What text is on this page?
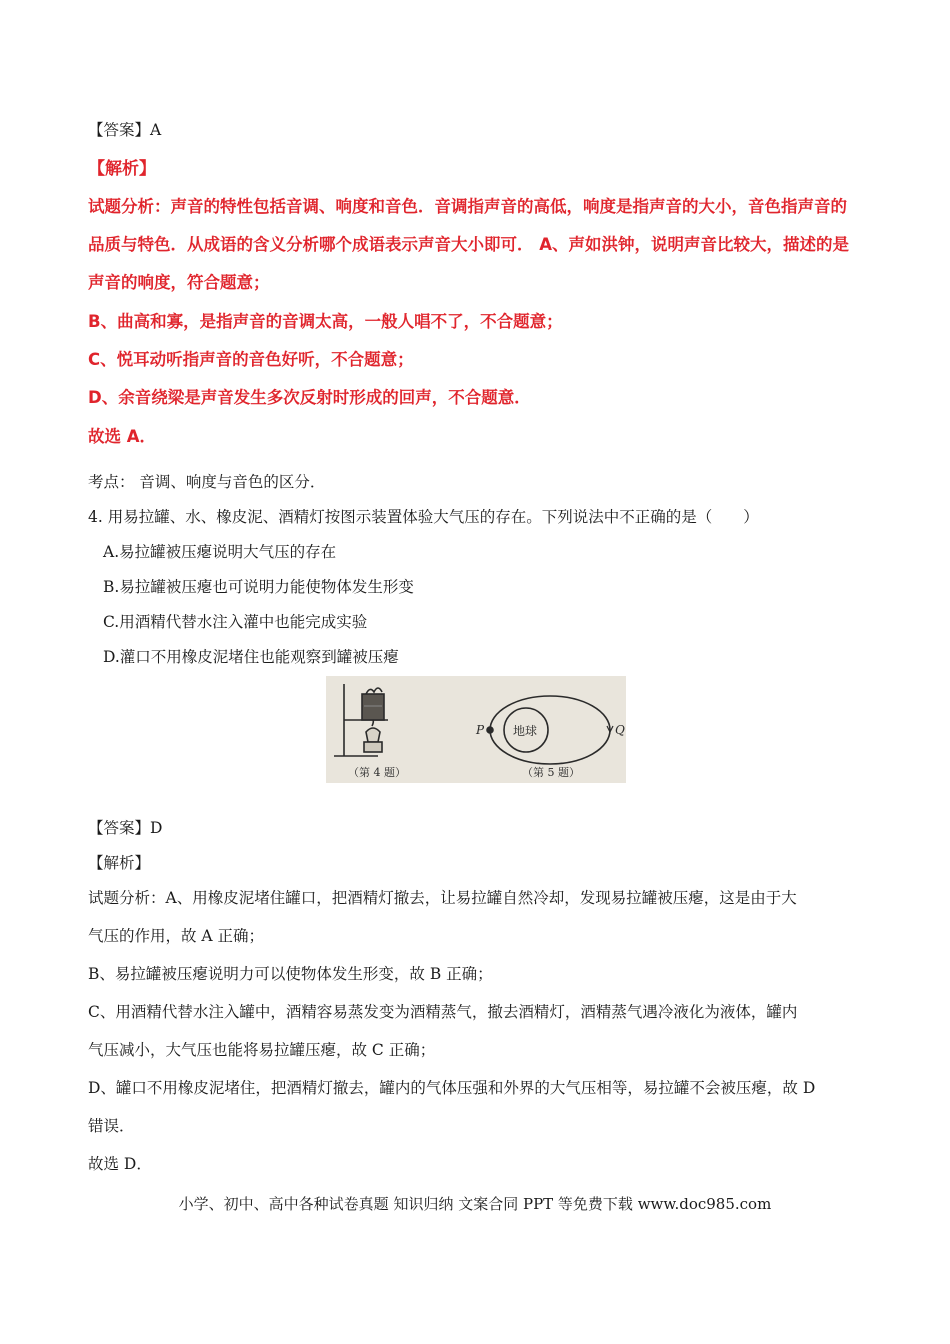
【答案】A
【解析】
试题分析：声音的特性包括音调、响度和音色．音调指声音的高低，响度是指声音的大小，音色指声音的
品质与特色．从成语的含义分析哪个成语表示声音大小即可． A、声如洪钟，说明声音比较大，描述的是
声音的响度，符合题意；
B、曲高和寡，是指声音的音调太高，一般人唱不了，不合题意；
C、悦耳动听指声音的音色好听，不合题意；
D、余音绕梁是声音发生多次反射时形成的回声，不合题意．
故选 A．
考点： 音调、响度与音色的区分．
4. 用易拉罐、水、橡皮泥、酒精灯按图示装置体验大气压的存在。下列说法中不正确的是（　　）
A.易拉罐被压瘪说明大气压的存在
B.易拉罐被压瘪也可说明力能使物体发生形变
C.用酒精代替水注入灌中也能完成实验
D.灌口不用橡皮泥堵住也能观察到罐被压瘪
（第 4 题）
地球
P	Q
（第 5 题）
【答案】D
【解析】
试题分析：A、用橡皮泥堵住罐口，把酒精灯撤去，让易拉罐自然冷却，发现易拉罐被压瘪，这是由于大
气压的作用，故 A 正确；
B、易拉罐被压瘪说明力可以使物体发生形变，故 B 正确；
C、用酒精代替水注入罐中，酒精容易蒸发变为酒精蒸气，撤去酒精灯，酒精蒸气遇冷液化为液体，罐内
气压减小，大气压也能将易拉罐压瘪，故 C 正确；
D、罐口不用橡皮泥堵住，把酒精灯撤去，罐内的气体压强和外界的大气压相等，易拉罐不会被压瘪，故 D
错误．
故选 D．
小学、初中、高中各种试卷真题 知识归纳 文案合同 PPT 等免费下载 www.doc985.com
